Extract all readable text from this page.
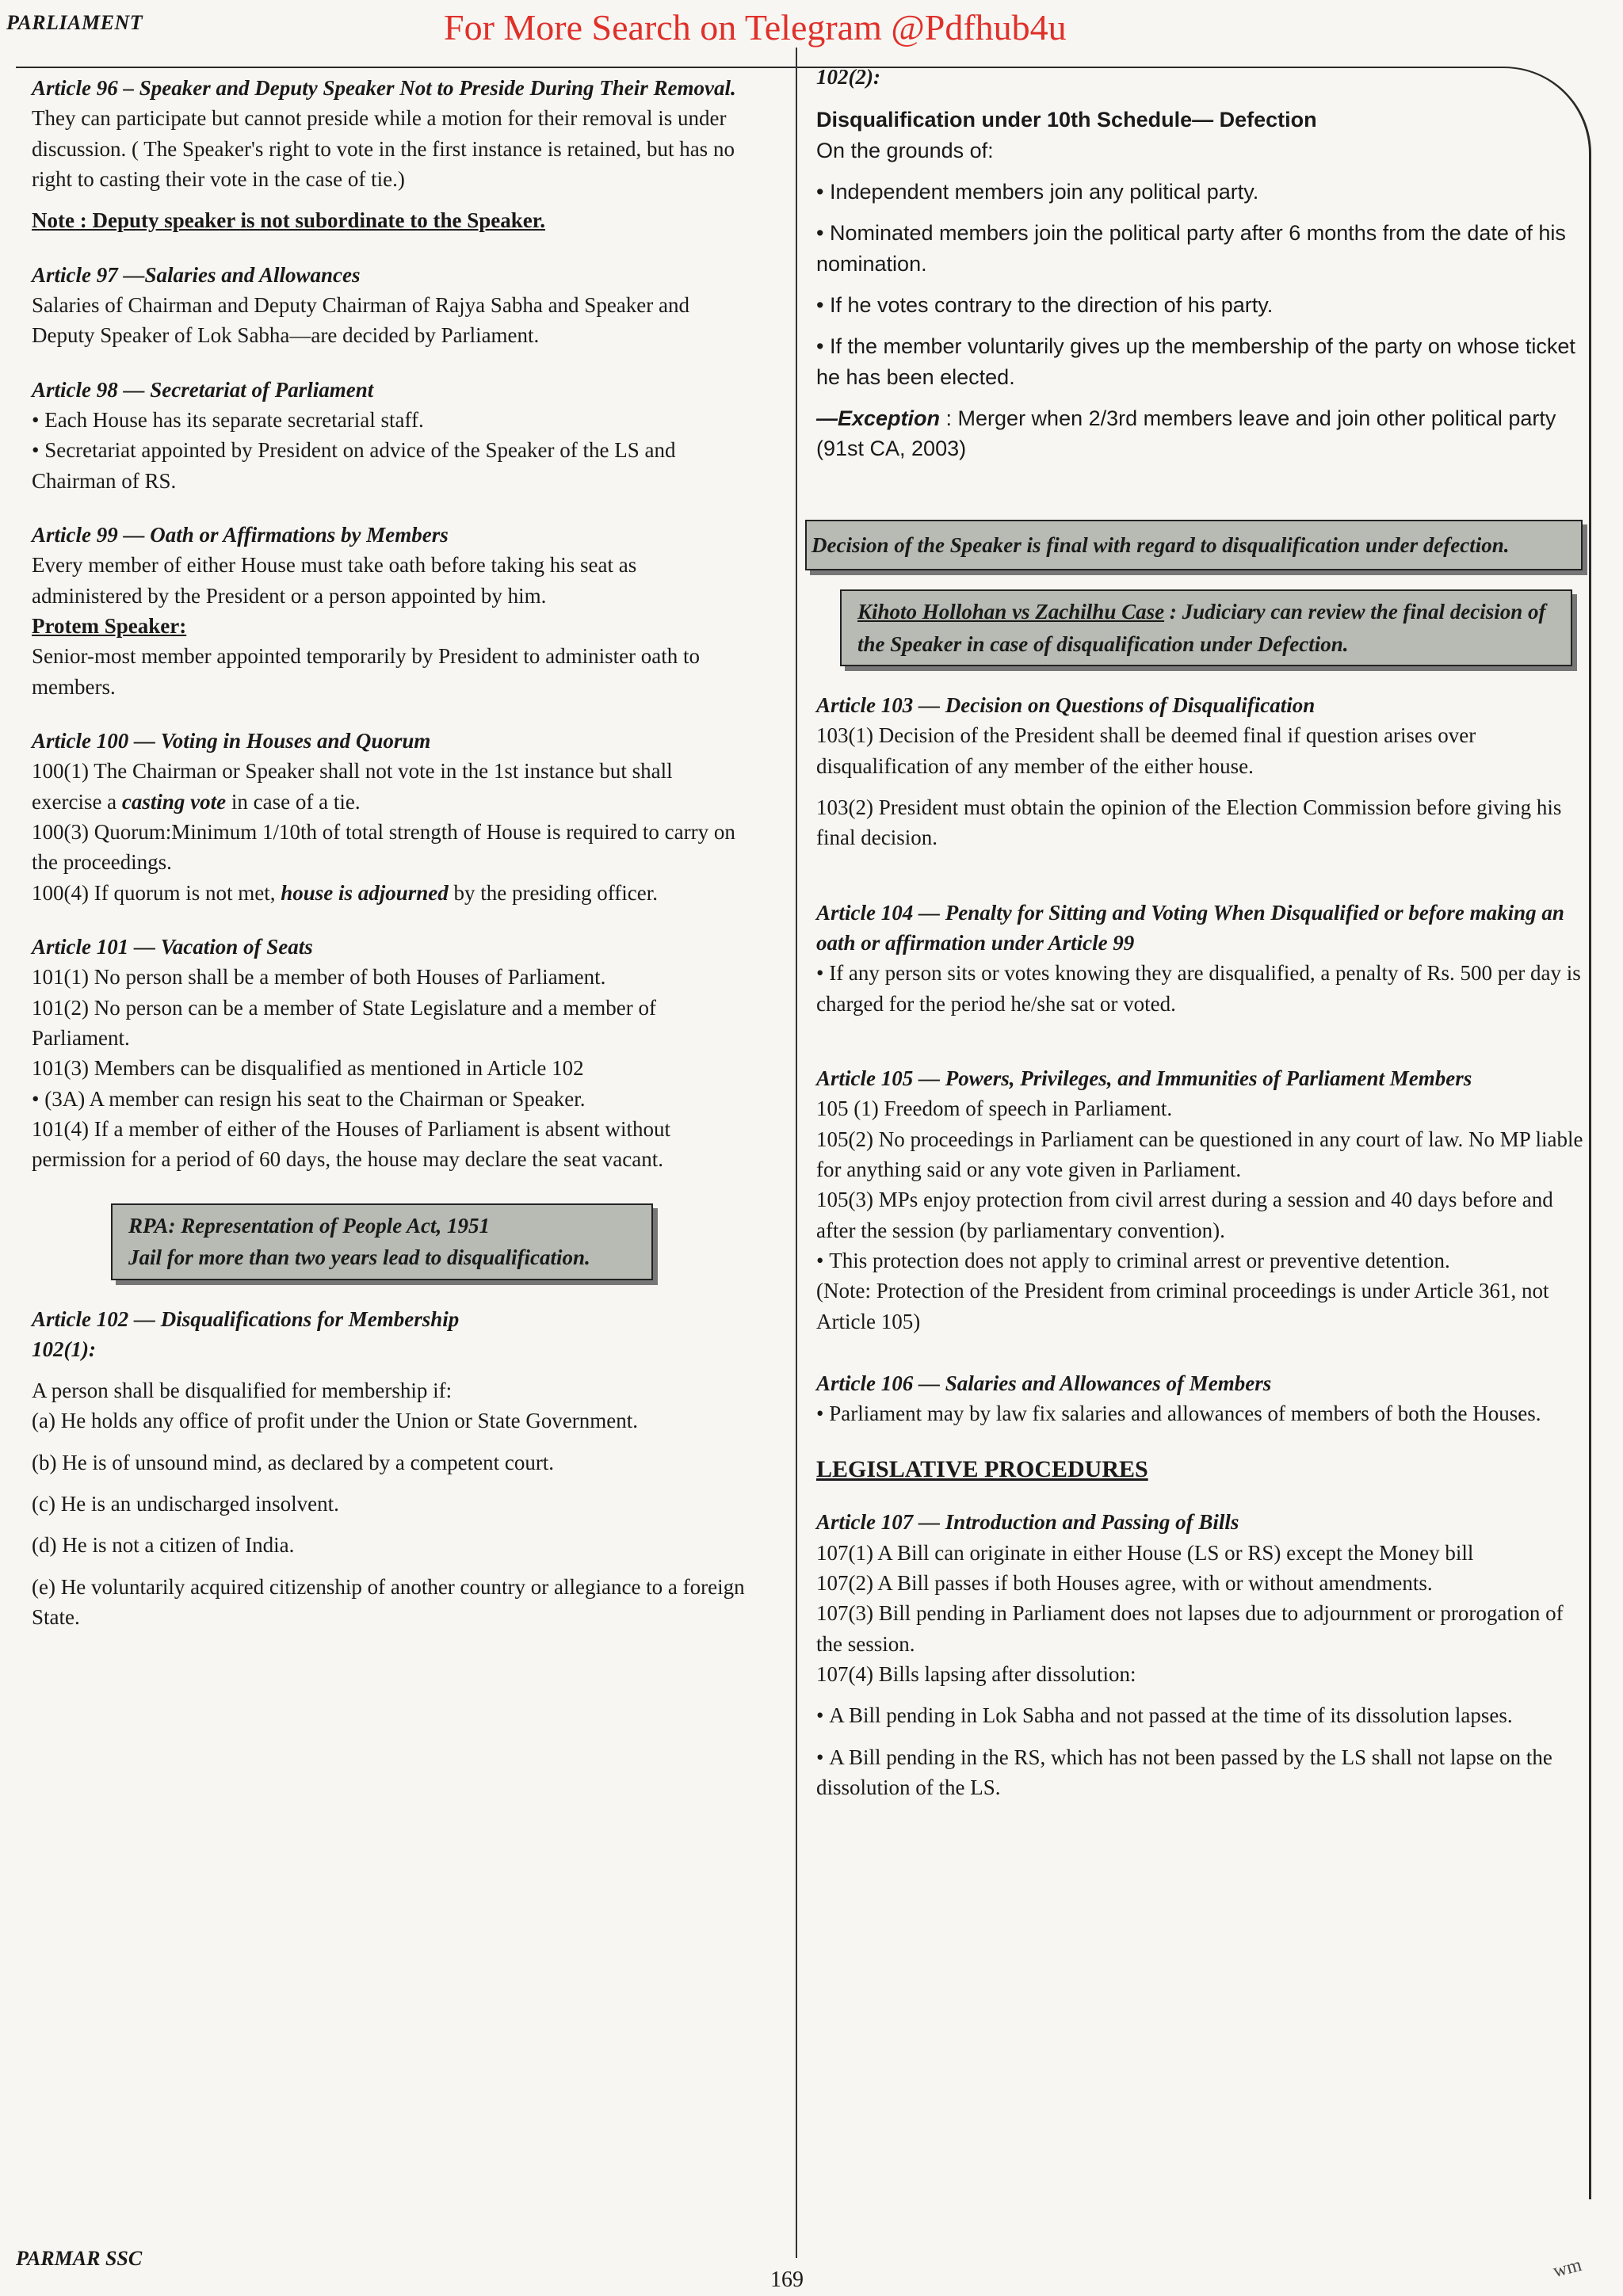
PARLIAMENT	For More Search on Telegram @Pdfhub4u

Article 96 – Speaker and Deputy Speaker Not to Preside During Their Removal.

They can participate but cannot preside while a motion for their removal is under discussion. ( The Speaker's right to vote in the first instance is retained, but has no right to casting their vote in the case of tie.)

Note : Deputy speaker is not subordinate to the Speaker.

Article 97 —Salaries and Allowances

Salaries of Chairman and Deputy Chairman of Rajya Sabha and Speaker and Deputy Speaker of Lok Sabha—are decided by Parliament.

Article 98 — Secretariat of Parliament

• Each House has its separate secretarial staff.

• Secretariat appointed by President on advice of the Speaker of the LS and Chairman of RS.

Article 99 — Oath or Affirmations by Members

Every member of either House must take oath before taking his seat as administered by the President or a person appointed by him.

Protem Speaker:

Senior-most member appointed temporarily by President to administer oath to members.

Article 100 — Voting in Houses and Quorum

100(1) The Chairman or Speaker shall not vote in the 1st instance but shall exercise a casting vote in case of a tie.

100(3) Quorum:Minimum 1/10th of total strength of House is required to carry on the proceedings.

100(4) If quorum is not met, house is adjourned by the presiding officer.

Article 101 — Vacation of Seats

101(1) No person shall be a member of both Houses of Parliament.

101(2) No person can be a member of State Legislature and a member of Parliament.

101(3) Members can be disqualified as mentioned in Article 102

• (3A) A member can resign his seat to the Chairman or Speaker.

101(4) If a member of either of the Houses of Parliament is absent without permission for a period of 60 days, the house may declare the seat vacant.

RPA: Representation of People Act, 1951
Jail for more than two years lead to disqualification.

Article 102 — Disqualifications for Membership

102(1):

A person shall be disqualified for membership if:

(a) He holds any office of profit under the Union or State Government.

(b) He is of unsound mind, as declared by a competent court.

(c) He is an undischarged insolvent.

(d) He is not a citizen of India.

(e) He voluntarily acquired citizenship of another country or allegiance to a foreign State.

102(2):

Disqualification under 10th Schedule— Defection

On the grounds of:

• Independent members join any political party.

• Nominated members join the political party after 6 months from the date of his nomination.

• If he votes contrary to the direction of his party.

• If the member voluntarily gives up the membership of the party on whose ticket he has been elected.

—Exception : Merger when 2/3rd members leave and join other political party (91st CA, 2003)

Decision of the Speaker is final with regard to disqualification under defection.
Kihoto Hollohan vs Zachilhu Case : Judiciary can review the final decision of the Speaker in case of disqualification under Defection.

Article 103 — Decision on Questions of Disqualification

103(1) Decision of the President shall be deemed final if question arises over disqualification of any member of the either house.

103(2) President must obtain the opinion of the Election Commission before giving his final decision.

Article 104 — Penalty for Sitting and Voting When Disqualified or before making an oath or affirmation under Article 99

• If any person sits or votes knowing they are disqualified, a penalty of Rs. 500 per day is charged for the period he/she sat or voted.

Article 105 — Powers, Privileges, and Immunities of Parliament Members

105 (1) Freedom of speech in Parliament.

105(2) No proceedings in Parliament can be questioned in any court of law. No MP liable for anything said or any vote given in Parliament.

105(3) MPs enjoy protection from civil arrest during a session and 40 days before and after the session (by parliamentary convention).

• This protection does not apply to criminal arrest or preventive detention.

(Note: Protection of the President from criminal proceedings is under Article 361, not Article 105)

Article 106 — Salaries and Allowances of Members

• Parliament may by law fix salaries and allowances of members of both the Houses.

LEGISLATIVE PROCEDURES

Article 107 — Introduction and Passing of Bills

107(1) A Bill can originate in either House (LS or RS) except the Money bill

107(2) A Bill passes if both Houses agree, with or without amendments.

107(3) Bill pending in Parliament does not lapses due to adjournment or prorogation of the session.

107(4) Bills lapsing after dissolution:

• A Bill pending in Lok Sabha and not passed at the time of its dissolution lapses.

• A Bill pending in the RS, which has not been passed by the LS shall not lapse on the dissolution of the LS.

PARMAR SSC
169	wm
